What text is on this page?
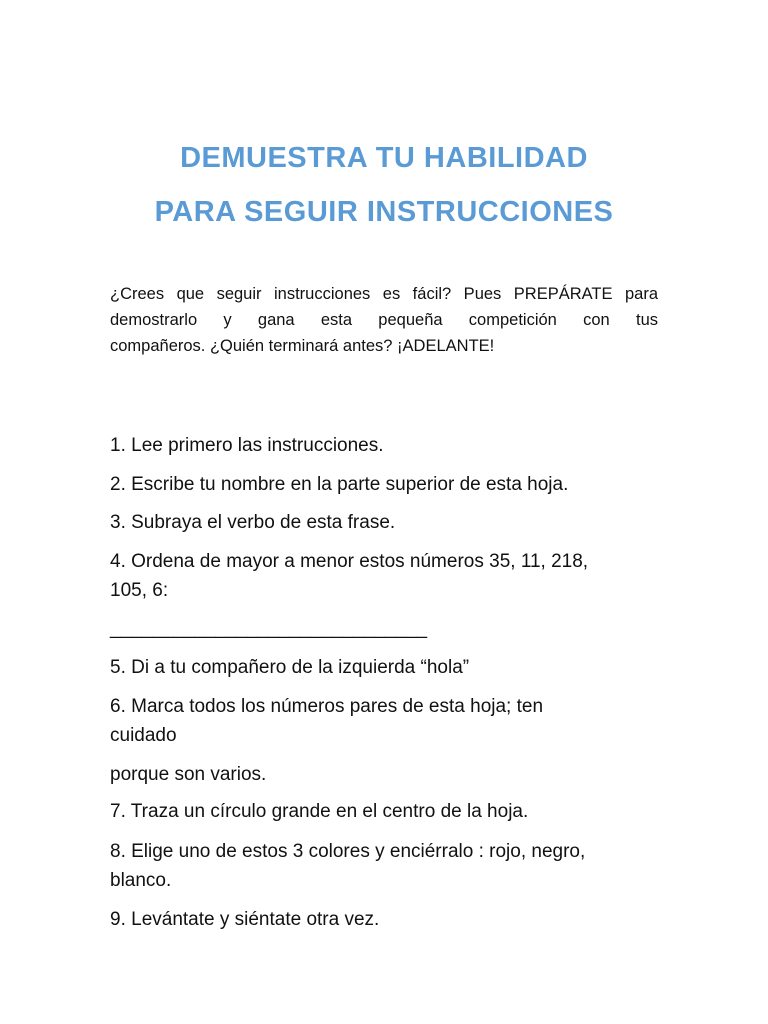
DEMUESTRA TU HABILIDAD
PARA SEGUIR INSTRUCCIONES

¿Crees que seguir instrucciones es fácil? Pues PREPÁRATE para
demostrarlo y gana esta pequeña competición con tus
compañeros. ¿Quién terminará antes? ¡ADELANTE!

1. Lee primero las instrucciones.

2. Escribe tu nombre en la parte superior de esta hoja.

3. Subraya el verbo de esta frase.

4. Ordena de mayor a menor estos números 35, 11, 218,
105, 6:

______________________________

5. Di a tu compañero de la izquierda “hola”

6. Marca todos los números pares de esta hoja; ten
cuidado

porque son varios.

7. Traza un círculo grande en el centro de la hoja.

8. Elige uno de estos 3 colores y enciérralo : rojo, negro,
blanco.

9. Levántate y siéntate otra vez.
